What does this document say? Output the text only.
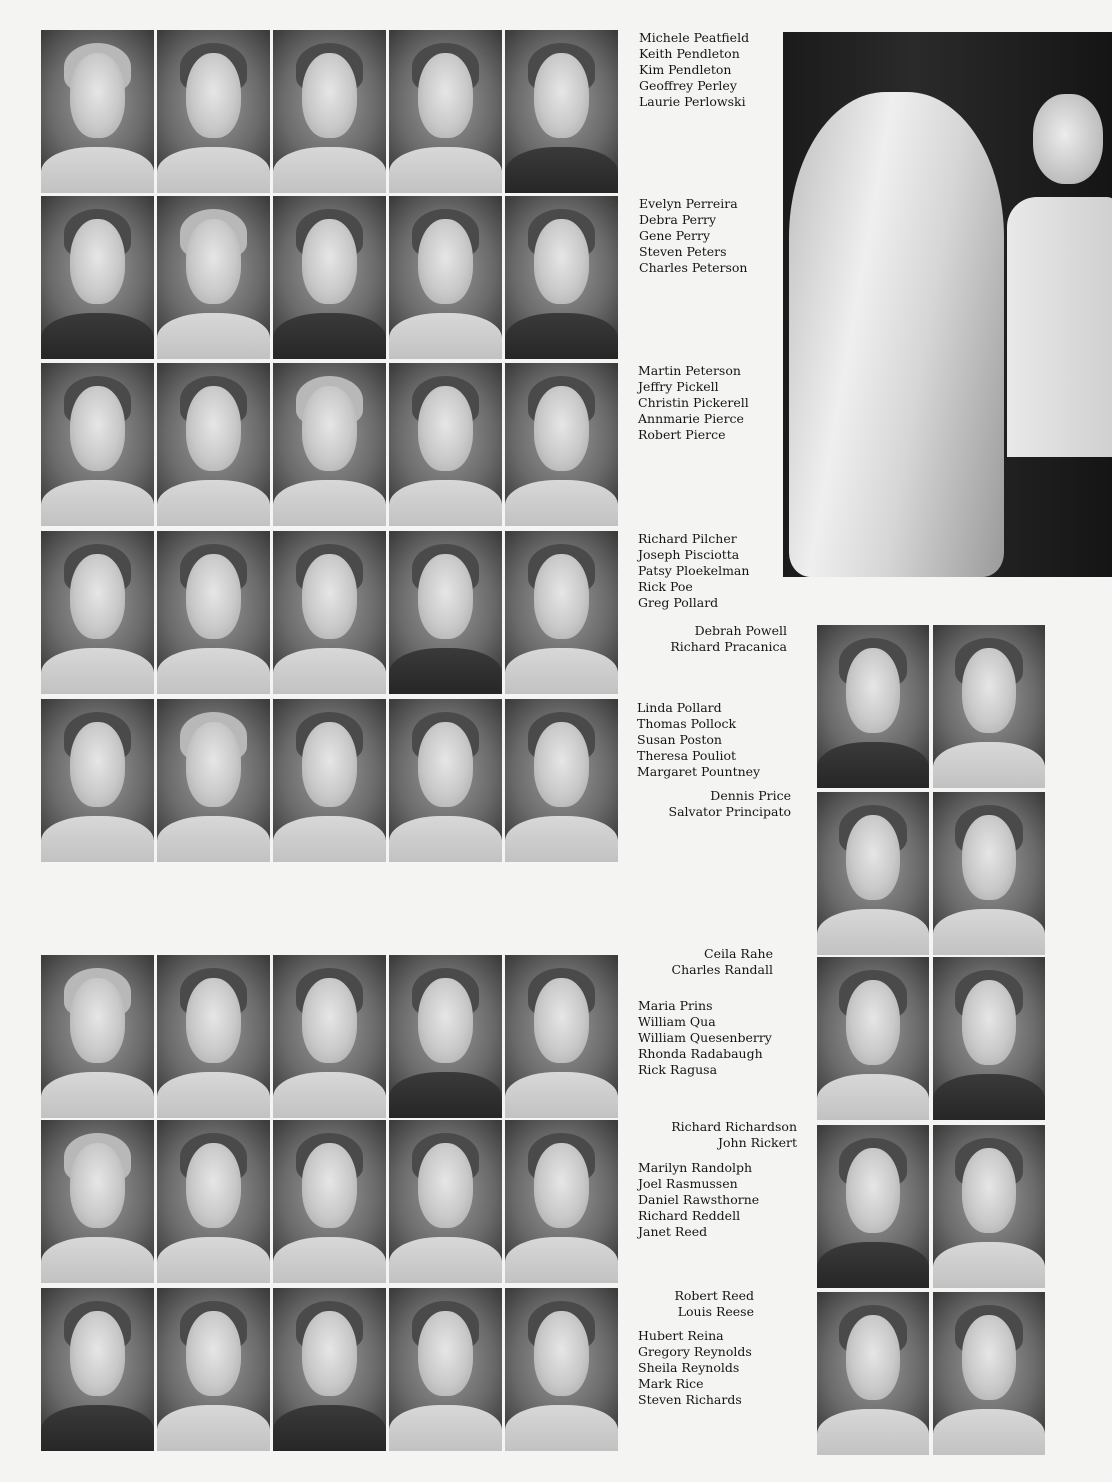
Michele Peatfield
Keith Pendleton
Kim Pendleton
Geoffrey Perley
Laurie Perlowski
Evelyn Perreira
Debra Perry
Gene Perry
Steven Peters
Charles Peterson
Martin Peterson
Jeffry Pickell
Christin Pickerell
Annmarie Pierce
Robert Pierce
Richard Pilcher
Joseph Pisciotta
Patsy Ploekelman
Rick Poe
Greg Pollard
Debrah Powell
Richard Pracanica
Linda Pollard
Thomas Pollock
Susan Poston
Theresa Pouliot
Margaret Pountney
Dennis Price
Salvator Principato
Ceila Rahe
Charles Randall
Maria Prins
William Qua
William Quesenberry
Rhonda Radabaugh
Rick Ragusa
Richard Richardson
John Rickert
Marilyn Randolph
Joel Rasmussen
Daniel Rawsthorne
Richard Reddell
Janet Reed
Robert Reed
Louis Reese
Hubert Reina
Gregory Reynolds
Sheila Reynolds
Mark Rice
Steven Richards
